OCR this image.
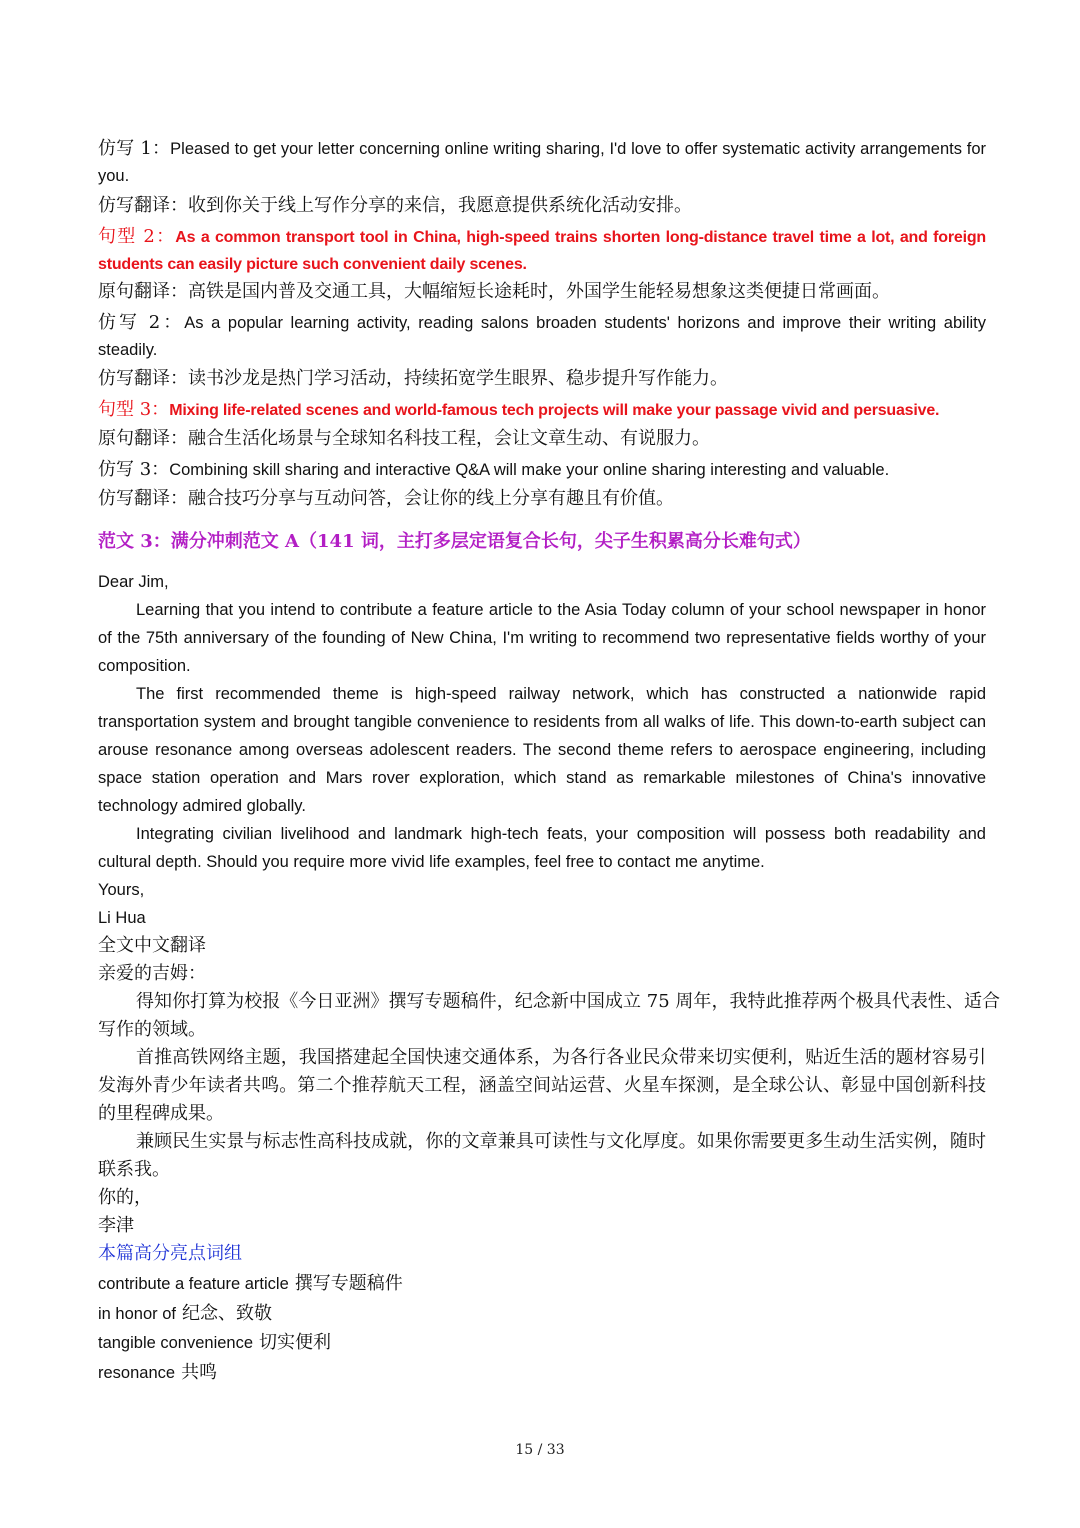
仿写 1：Pleased to get your letter concerning online writing sharing, I'd love to offer systematic activity arrangements for you.

仿写翻译：收到你关于线上写作分享的来信，我愿意提供系统化活动安排。

句型 2：As a common transport tool in China, high-speed trains shorten long-distance travel time a lot, and foreign students can easily picture such convenient daily scenes.

原句翻译：高铁是国内普及交通工具，大幅缩短长途耗时，外国学生能轻易想象这类便捷日常画面。

仿写 2：As a popular learning activity, reading salons broaden students' horizons and improve their writing ability steadily.

仿写翻译：读书沙龙是热门学习活动，持续拓宽学生眼界、稳步提升写作能力。

句型 3：Mixing life-related scenes and world-famous tech projects will make your passage vivid and persuasive.

原句翻译：融合生活化场景与全球知名科技工程，会让文章生动、有说服力。

仿写 3：Combining skill sharing and interactive Q&A will make your online sharing interesting and valuable.

仿写翻译：融合技巧分享与互动问答，会让你的线上分享有趣且有价值。

范文 3：满分冲刺范文 A（141 词，主打多层定语复合长句，尖子生积累高分长难句式）

Dear Jim,

Learning that you intend to contribute a feature article to the Asia Today column of your school newspaper in honor of the 75th anniversary of the founding of New China, I'm writing to recommend two representative fields worthy of your composition.

The first recommended theme is high-speed railway network, which has constructed a nationwide rapid transportation system and brought tangible convenience to residents from all walks of life. This down-to-earth subject can arouse resonance among overseas adolescent readers. The second theme refers to aerospace engineering, including space station operation and Mars rover exploration, which stand as remarkable milestones of China's innovative technology admired globally.

Integrating civilian livelihood and landmark high-tech feats, your composition will possess both readability and cultural depth. Should you require more vivid life examples, feel free to contact me anytime.

Yours,

Li Hua

全文中文翻译

亲爱的吉姆：

得知你打算为校报《今日亚洲》撰写专题稿件，纪念新中国成立 75 周年，我特此推荐两个极具代表性、适合写作的领域。

首推高铁网络主题，我国搭建起全国快速交通体系，为各行各业民众带来切实便利，贴近生活的题材容易引发海外青少年读者共鸣。第二个推荐航天工程，涵盖空间站运营、火星车探测，是全球公认、彰显中国创新科技的里程碑成果。

兼顾民生实景与标志性高科技成就，你的文章兼具可读性与文化厚度。如果你需要更多生动生活实例，随时联系我。

你的，

李津

本篇高分亮点词组

contribute a feature article 撰写专题稿件

in honor of 纪念、致敬

tangible convenience 切实便利

resonance 共鸣

15 / 33
